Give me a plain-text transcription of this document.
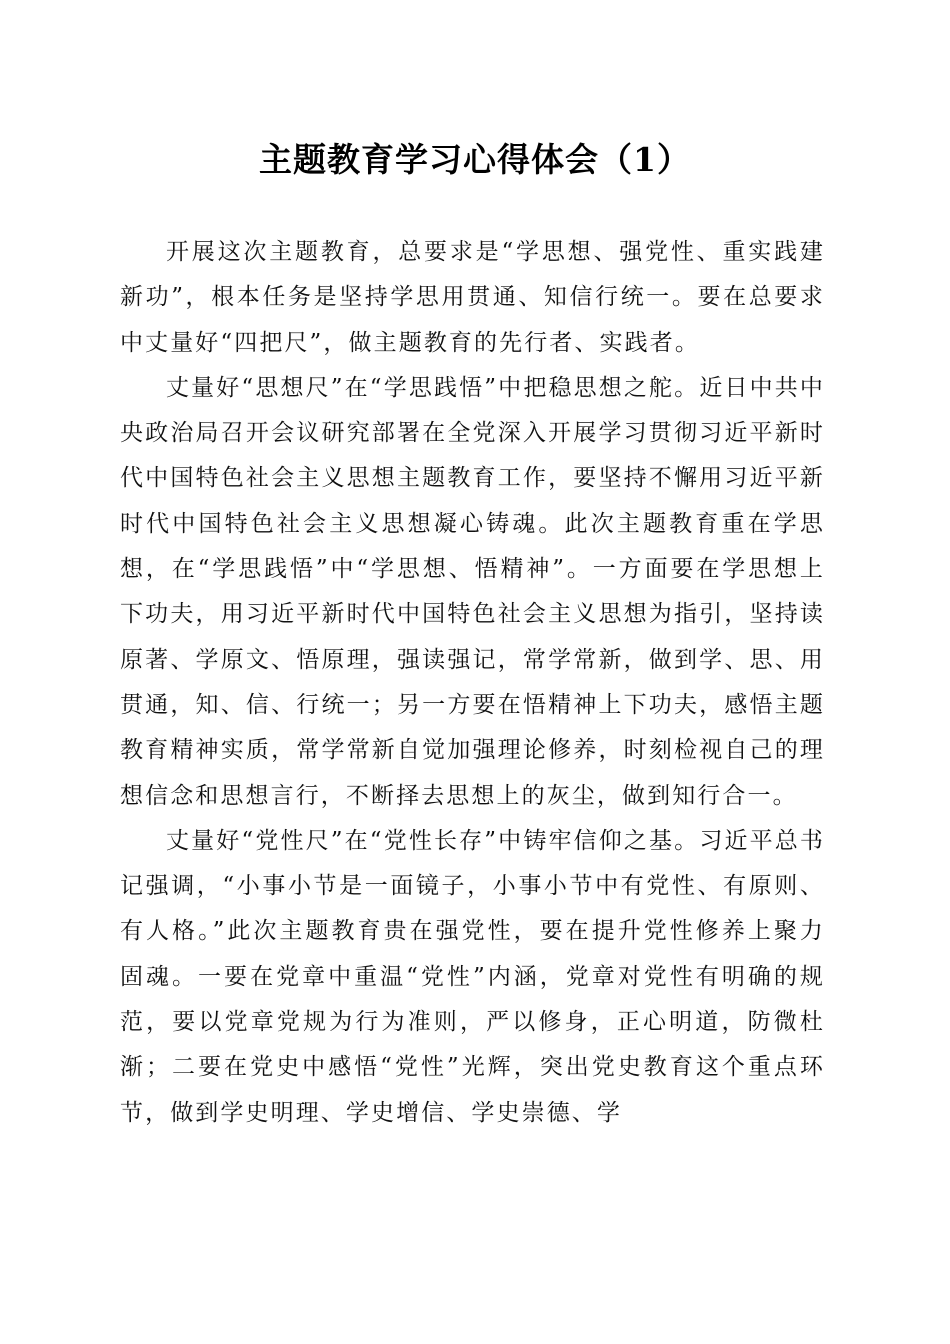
主题教育学习心得体会（1）

开展这次主题教育，总要求是“学思想、强党性、重实践建新功”，根本任务是坚持学思用贯通、知信行统一。要在总要求中丈量好“四把尺”，做主题教育的先行者、实践者。

丈量好“思想尺”在“学思践悟”中把稳思想之舵。近日中共中央政治局召开会议研究部署在全党深入开展学习贯彻习近平新时代中国特色社会主义思想主题教育工作，要坚持不懈用习近平新时代中国特色社会主义思想凝心铸魂。此次主题教育重在学思想，在“学思践悟”中“学思想、悟精神”。一方面要在学思想上下功夫，用习近平新时代中国特色社会主义思想为指引，坚持读原著、学原文、悟原理，强读强记，常学常新，做到学、思、用贯通，知、信、行统一；另一方要在悟精神上下功夫，感悟主题教育精神实质，常学常新自觉加强理论修养，时刻检视自己的理想信念和思想言行，不断择去思想上的灰尘，做到知行合一。

丈量好“党性尺”在“党性长存”中铸牢信仰之基。习近平总书记强调，“小事小节是一面镜子，小事小节中有党性、有原则、有人格。”此次主题教育贵在强党性，要在提升党性修养上聚力固魂。一要在党章中重温“党性”内涵，党章对党性有明确的规范，要以党章党规为行为准则，严以修身，正心明道，防微杜渐；二要在党史中感悟“党性”光辉，突出党史教育这个重点环节，做到学史明理、学史增信、学史崇德、学
